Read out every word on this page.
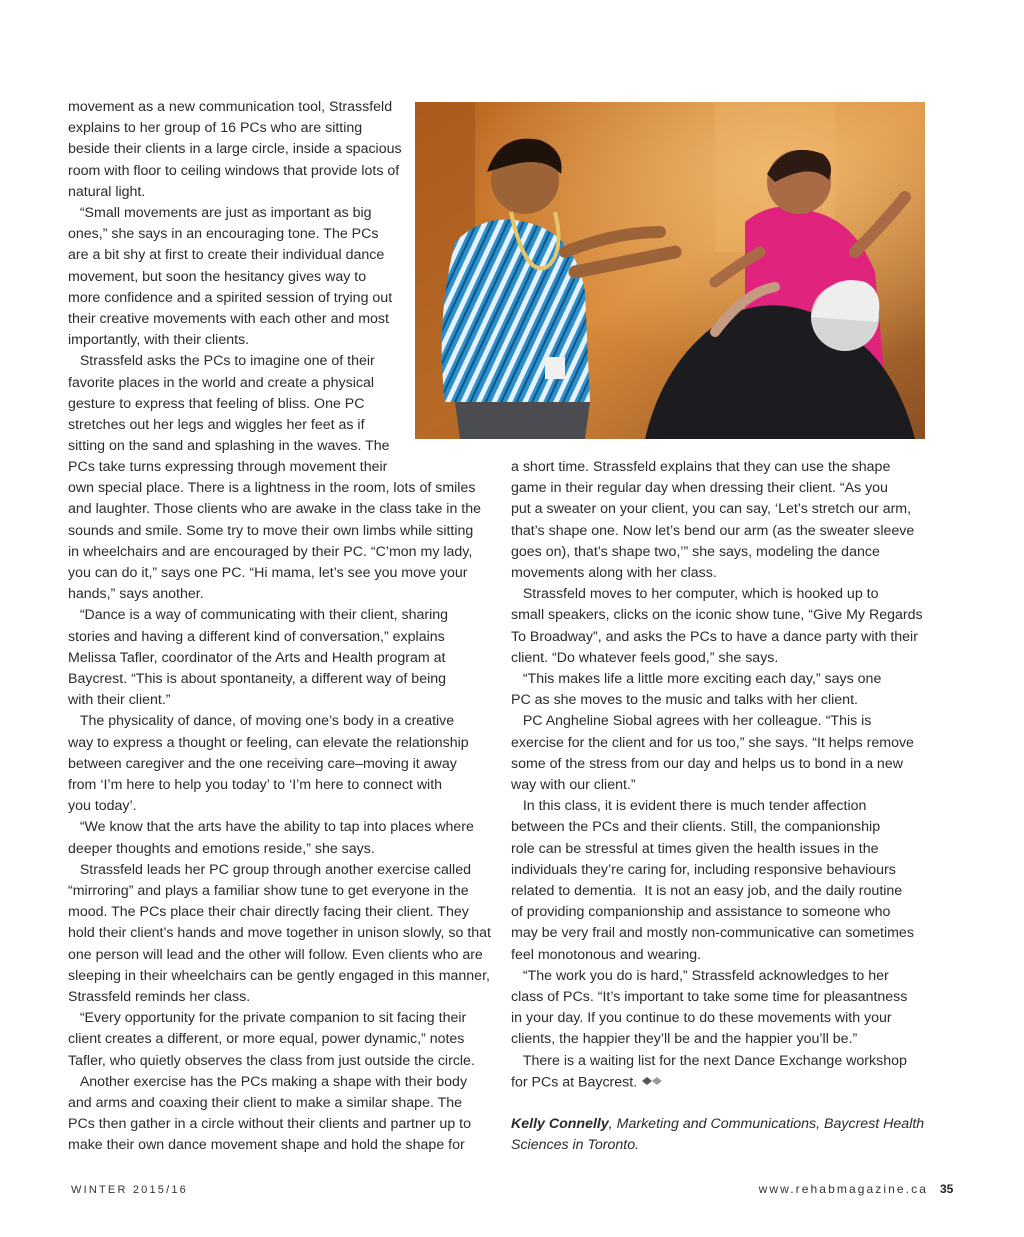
movement as a new communication tool, Strassfeld
explains to her group of 16 PCs who are sitting
beside their clients in a large circle, inside a spacious
room with floor to ceiling windows that provide lots of
natural light.
“Small movements are just as important as big
ones,” she says in an encouraging tone. The PCs
are a bit shy at first to create their individual dance
movement, but soon the hesitancy gives way to
more confidence and a spirited session of trying out
their creative movements with each other and most
importantly, with their clients.
Strassfeld asks the PCs to imagine one of their
favorite places in the world and create a physical
gesture to express that feeling of bliss. One PC
stretches out her legs and wiggles her feet as if
sitting on the sand and splashing in the waves. The
PCs take turns expressing through movement their
own special place. There is a lightness in the room, lots of smiles
and laughter. Those clients who are awake in the class take in the
sounds and smile. Some try to move their own limbs while sitting
in wheelchairs and are encouraged by their PC. “C’mon my lady,
you can do it,” says one PC. “Hi mama, let’s see you move your
hands,” says another.
“Dance is a way of communicating with their client, sharing
stories and having a different kind of conversation,” explains
Melissa Tafler, coordinator of the Arts and Health program at
Baycrest. “This is about spontaneity, a different way of being
with their client.”
The physicality of dance, of moving one’s body in a creative
way to express a thought or feeling, can elevate the relationship
between caregiver and the one receiving care–moving it away
from ‘I’m here to help you today’ to ‘I’m here to connect with
you today’.
“We know that the arts have the ability to tap into places where
deeper thoughts and emotions reside,” she says.
Strassfeld leads her PC group through another exercise called
“mirroring” and plays a familiar show tune to get everyone in the
mood. The PCs place their chair directly facing their client. They
hold their client’s hands and move together in unison slowly, so that
one person will lead and the other will follow. Even clients who are
sleeping in their wheelchairs can be gently engaged in this manner,
Strassfeld reminds her class.
“Every opportunity for the private companion to sit facing their
client creates a different, or more equal, power dynamic,” notes
Tafler, who quietly observes the class from just outside the circle.
Another exercise has the PCs making a shape with their body
and arms and coaxing their client to make a similar shape. The
PCs then gather in a circle without their clients and partner up to
make their own dance movement shape and hold the shape for
a short time. Strassfeld explains that they can use the shape
game in their regular day when dressing their client. “As you
put a sweater on your client, you can say, ‘Let’s stretch our arm,
that’s shape one. Now let’s bend our arm (as the sweater sleeve
goes on), that’s shape two,’” she says, modeling the dance
movements along with her class.
Strassfeld moves to her computer, which is hooked up to
small speakers, clicks on the iconic show tune, “Give My Regards
To Broadway”, and asks the PCs to have a dance party with their
client. “Do whatever feels good,” she says.
“This makes life a little more exciting each day,” says one
PC as she moves to the music and talks with her client.
PC Angheline Siobal agrees with her colleague. “This is
exercise for the client and for us too,” she says. “It helps remove
some of the stress from our day and helps us to bond in a new
way with our client.”
In this class, it is evident there is much tender affection
between the PCs and their clients. Still, the companionship
role can be stressful at times given the health issues in the
individuals they’re caring for, including responsive behaviours
related to dementia.  It is not an easy job, and the daily routine
of providing companionship and assistance to someone who
may be very frail and mostly non-communicative can sometimes
feel monotonous and wearing.
“The work you do is hard,” Strassfeld acknowledges to her
class of PCs. “It’s important to take some time for pleasantness
in your day. If you continue to do these movements with your
clients, the happier they’ll be and the happier you’ll be.”
There is a waiting list for the next Dance Exchange workshop
for PCs at Baycrest.
Kelly Connelly, Marketing and Communications, Baycrest Health
Sciences in Toronto.
WINTER 2015/16	www.rehabmagazine.ca 35
